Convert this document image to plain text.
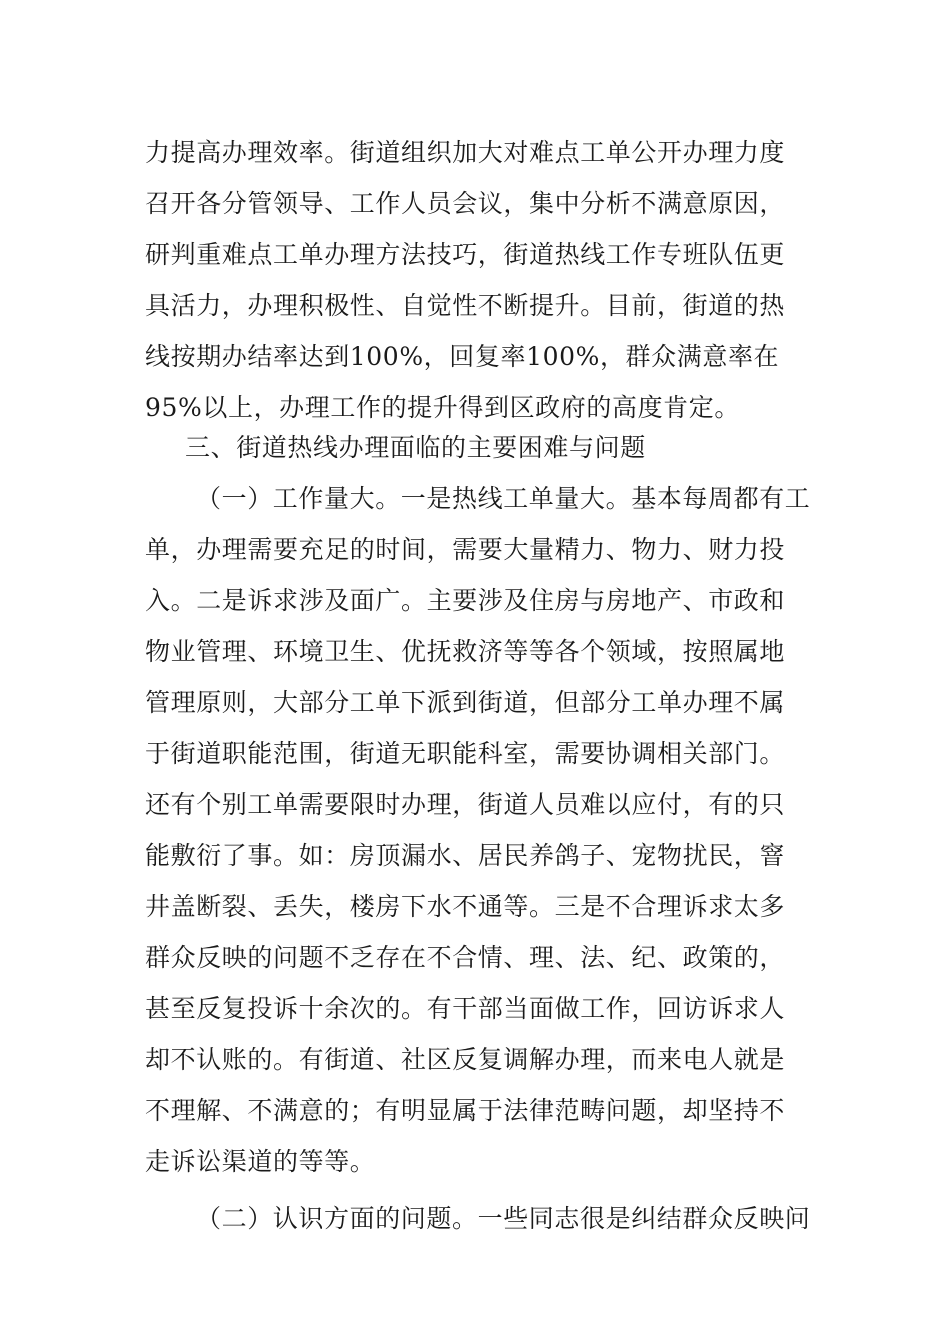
力提高办理效率。街道组织加大对难点工单公开办理力度
召开各分管领导、工作人员会议，集中分析不满意原因，
研判重难点工单办理方法技巧，街道热线工作专班队伍更
具活力，办理积极性、自觉性不断提升。目前，街道的热
线按期办结率达到100%，回复率100%，群众满意率在
95%以上，办理工作的提升得到区政府的高度肯定。
三、街道热线办理面临的主要困难与问题
（一）工作量大。一是热线工单量大。基本每周都有工
单，办理需要充足的时间，需要大量精力、物力、财力投
入。二是诉求涉及面广。主要涉及住房与房地产、市政和
物业管理、环境卫生、优抚救济等等各个领域，按照属地
管理原则，大部分工单下派到街道，但部分工单办理不属
于街道职能范围，街道无职能科室，需要协调相关部门。
还有个别工单需要限时办理，街道人员难以应付，有的只
能敷衍了事。如：房顶漏水、居民养鸽子、宠物扰民，窨
井盖断裂、丢失，楼房下水不通等。三是不合理诉求太多
群众反映的问题不乏存在不合情、理、法、纪、政策的，
甚至反复投诉十余次的。有干部当面做工作，回访诉求人
却不认账的。有街道、社区反复调解办理，而来电人就是
不理解、不满意的；有明显属于法律范畴问题，却坚持不
走诉讼渠道的等等。
（二）认识方面的问题。一些同志很是纠结群众反映问
